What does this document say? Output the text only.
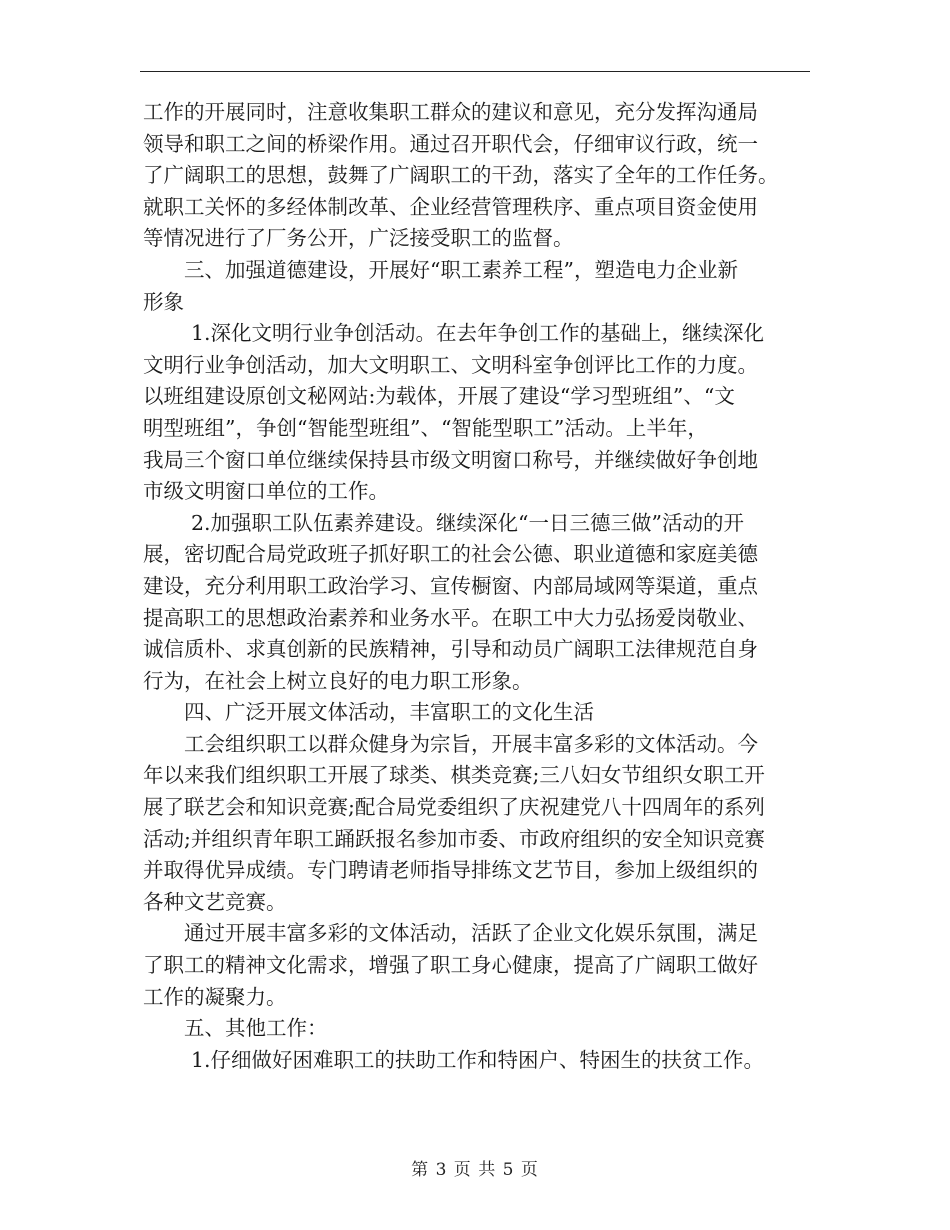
工作的开展同时，注意收集职工群众的建议和意见，充分发挥沟通局
领导和职工之间的桥梁作用。通过召开职代会，仔细审议行政，统一
了广阔职工的思想，鼓舞了广阔职工的干劲，落实了全年的工作任务。
就职工关怀的多经体制改革、企业经营管理秩序、重点项目资金使用
等情况进行了厂务公开，广泛接受职工的监督。
三、加强道德建设，开展好“职工素养工程”，塑造电力企业新
形象
1.深化文明行业争创活动。在去年争创工作的基础上，继续深化
文明行业争创活动，加大文明职工、文明科室争创评比工作的力度。
以班组建设原创文秘网站:为载体，开展了建设“学习型班组”、“文
明型班组”，争创“智能型班组”、“智能型职工”活动。上半年，
我局三个窗口单位继续保持县市级文明窗口称号，并继续做好争创地
市级文明窗口单位的工作。
2.加强职工队伍素养建设。继续深化“一日三德三做”活动的开
展，密切配合局党政班子抓好职工的社会公德、职业道德和家庭美德
建设，充分利用职工政治学习、宣传橱窗、内部局域网等渠道，重点
提高职工的思想政治素养和业务水平。在职工中大力弘扬爱岗敬业、
诚信质朴、求真创新的民族精神，引导和动员广阔职工法律规范自身
行为，在社会上树立良好的电力职工形象。
四、广泛开展文体活动，丰富职工的文化生活
工会组织职工以群众健身为宗旨，开展丰富多彩的文体活动。今
年以来我们组织职工开展了球类、棋类竞赛;三八妇女节组织女职工开
展了联艺会和知识竞赛;配合局党委组织了庆祝建党八十四周年的系列
活动;并组织青年职工踊跃报名参加市委、市政府组织的安全知识竞赛
并取得优异成绩。专门聘请老师指导排练文艺节目，参加上级组织的
各种文艺竞赛。
通过开展丰富多彩的文体活动，活跃了企业文化娱乐氛围，满足
了职工的精神文化需求，增强了职工身心健康，提高了广阔职工做好
工作的凝聚力。
五、其他工作：
1.仔细做好困难职工的扶助工作和特困户、特困生的扶贫工作。
第 3 页 共 5 页
